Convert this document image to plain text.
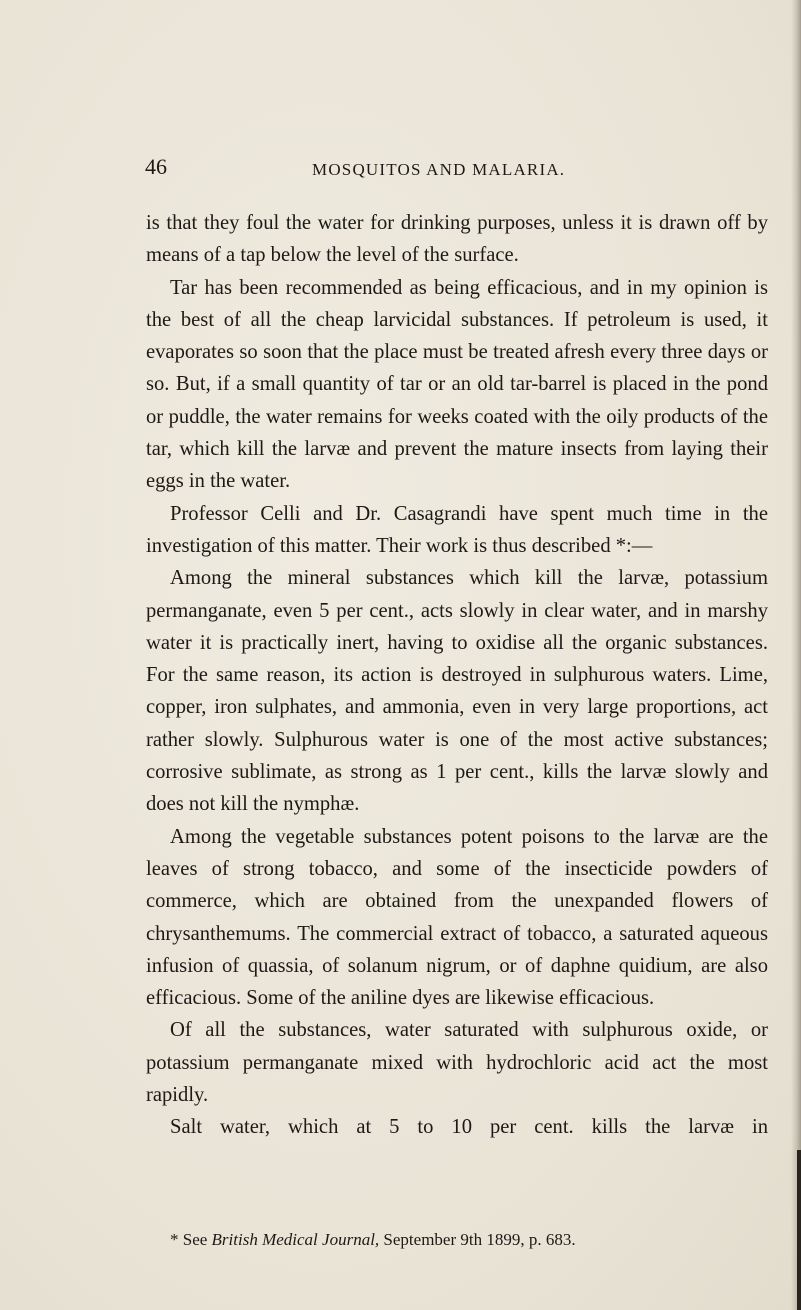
46	MOSQUITOS AND MALARIA.

is that they foul the water for drinking purposes, unless it is drawn off by means of a tap below the level of the surface.

Tar has been recommended as being efficacious, and in my opinion is the best of all the cheap larvicidal substances. If petroleum is used, it evaporates so soon that the place must be treated afresh every three days or so. But, if a small quantity of tar or an old tar-barrel is placed in the pond or puddle, the water remains for weeks coated with the oily products of the tar, which kill the larvæ and prevent the mature insects from laying their eggs in the water.

Professor Celli and Dr. Casagrandi have spent much time in the investigation of this matter. Their work is thus described *:—

Among the mineral substances which kill the larvæ, potassium permanganate, even 5 per cent., acts slowly in clear water, and in marshy water it is practically inert, having to oxidise all the organic substances. For the same reason, its action is destroyed in sulphurous waters. Lime, copper, iron sulphates, and ammonia, even in very large proportions, act rather slowly. Sulphurous water is one of the most active substances; corrosive sublimate, as strong as 1 per cent., kills the larvæ slowly and does not kill the nymphæ.

Among the vegetable substances potent poisons to the larvæ are the leaves of strong tobacco, and some of the insecticide powders of commerce, which are obtained from the unexpanded flowers of chrysanthemums. The commercial extract of tobacco, a saturated aqueous infusion of quassia, of solanum nigrum, or of daphne quidium, are also efficacious. Some of the aniline dyes are likewise efficacious.

Of all the substances, water saturated with sulphurous oxide, or potassium permanganate mixed with hydrochloric acid act the most rapidly.

Salt water, which at 5 to 10 per cent. kills the larvæ in

* See British Medical Journal, September 9th 1899, p. 683.
